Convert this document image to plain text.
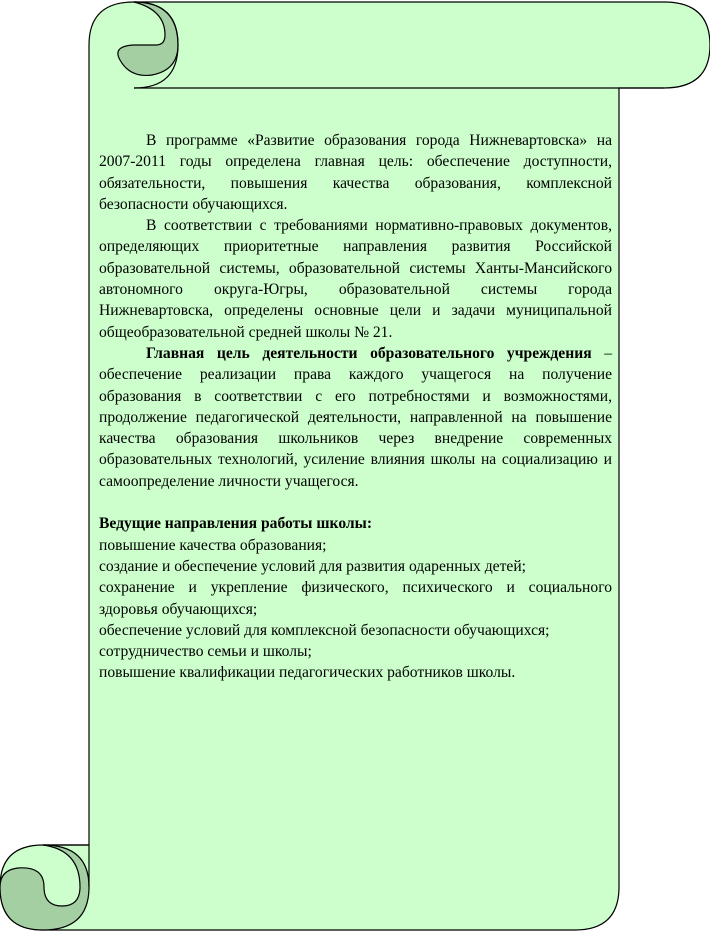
В программе «Развитие образования города Нижневартовска» на 2007-2011 годы определена главная цель: обеспечение доступности, обязательности, повышения качества образования, комплексной безопасности обучающихся.

В соответствии с требованиями нормативно-правовых документов, определяющих приоритетные направления развития Российской образовательной системы, образовательной системы Ханты-Мансийского автономного округа-Югры, образовательной системы города Нижневартовска, определены основные цели и задачи муниципальной общеобразовательной средней школы № 21.

Главная цель деятельности образовательного учреждения – обеспечение реализации права каждого учащегося на получение образования в соответствии с его потребностями и возможностями, продолжение педагогической деятельности, направленной на повышение качества образования школьников через внедрение современных образовательных технологий, усиление влияния школы на социализацию и самоопределение личности учащегося.

Ведущие направления работы школы:

повышение качества образования;

создание и обеспечение условий для развития одаренных детей;

сохранение и укрепление физического, психического и социального здоровья обучающихся;

обеспечение условий для комплексной безопасности обучающихся;

сотрудничество семьи и школы;

повышение квалификации педагогических работников школы.
